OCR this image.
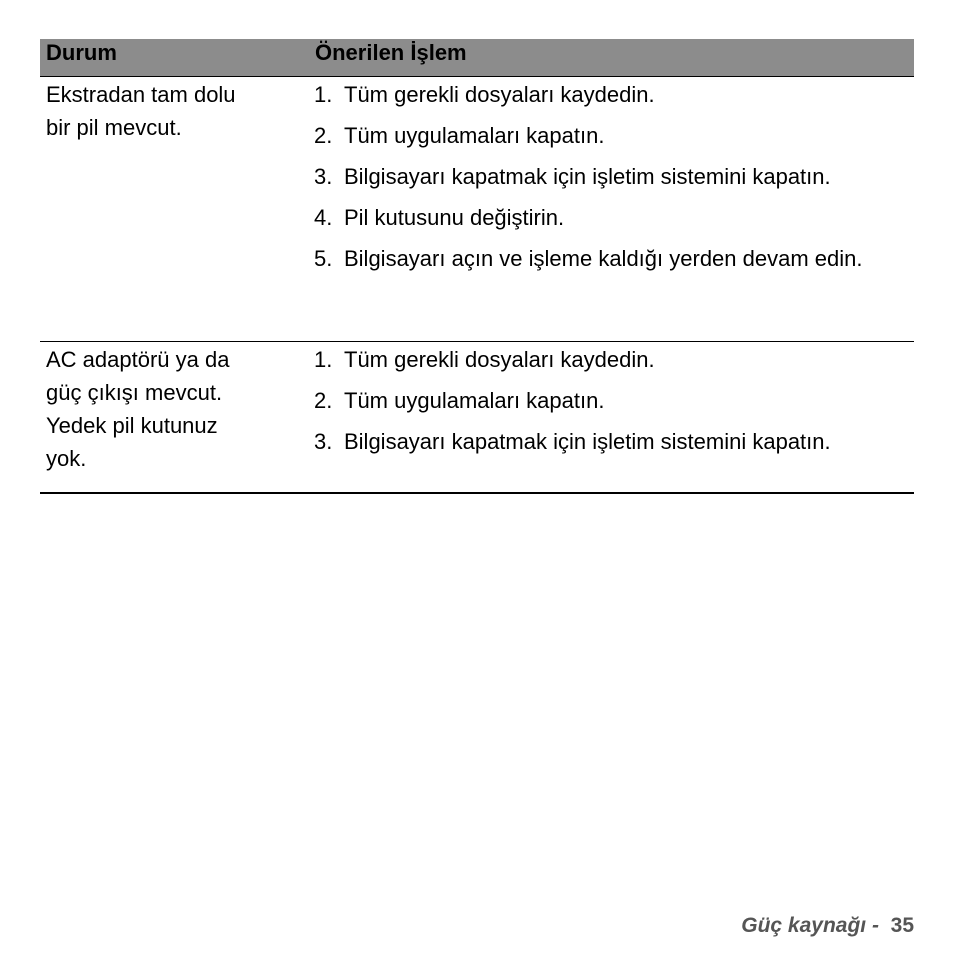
Durum	Önerilen İşlem
Ekstradan tam dolu
bir pil mevcut.
1. Tüm gerekli dosyaları kaydedin.
2. Tüm uygulamaları kapatın.
3. Bilgisayarı kapatmak için işletim sistemini kapatın.
4. Pil kutusunu değiştirin.
5. Bilgisayarı açın ve işleme kaldığı yerden devam edin.
AC adaptörü ya da
güç çıkışı mevcut.
Yedek pil kutunuz
yok.
1. Tüm gerekli dosyaları kaydedin.
2. Tüm uygulamaları kapatın.
3. Bilgisayarı kapatmak için işletim sistemini kapatın.
Güç kaynağı - 35
